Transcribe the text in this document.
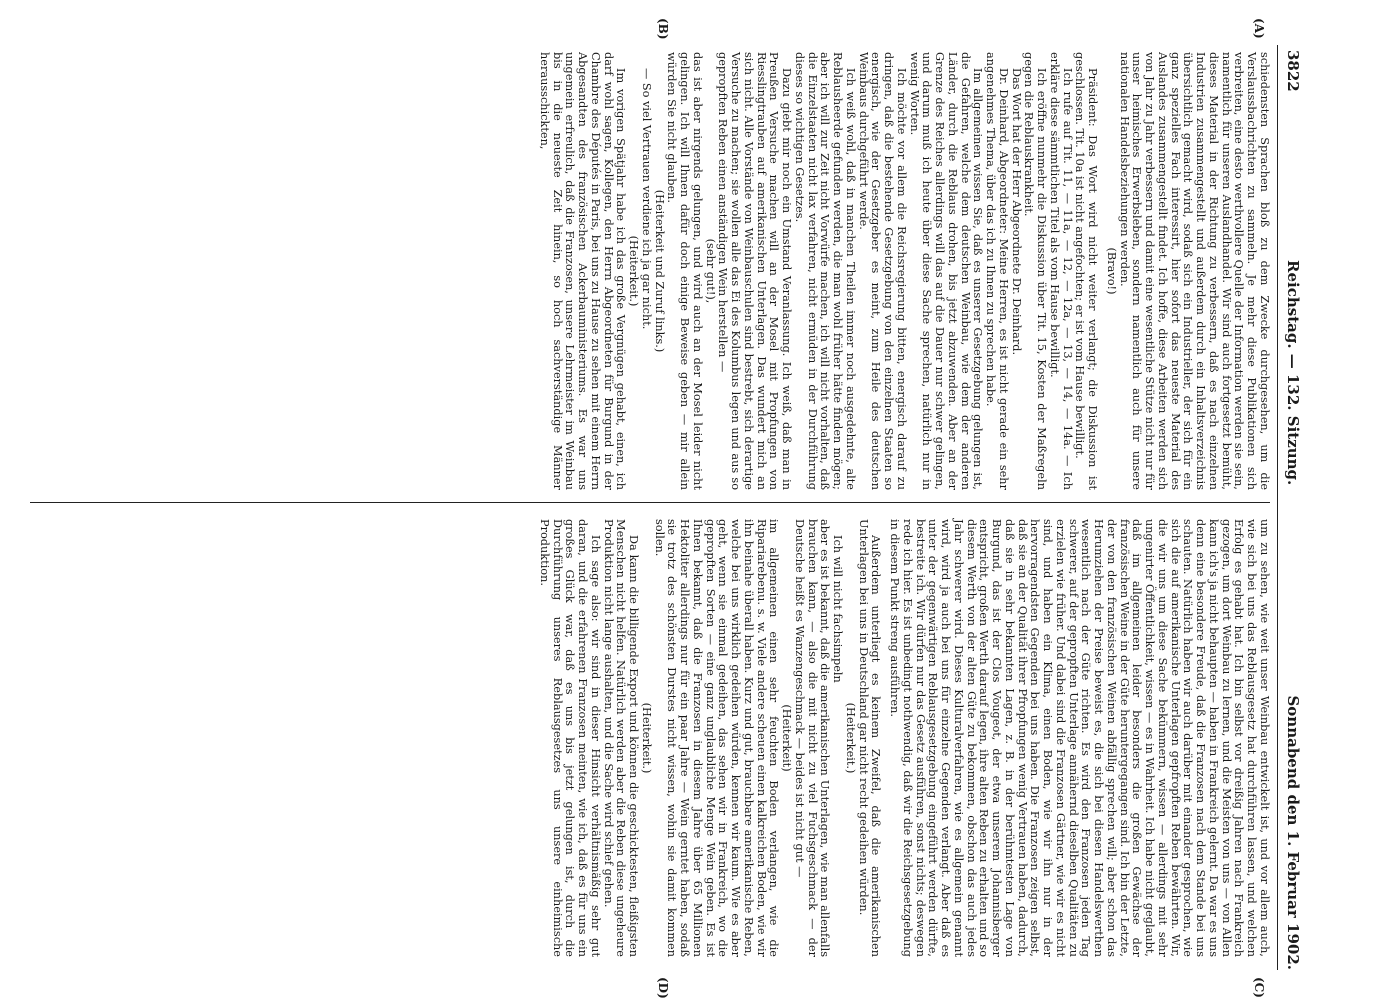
3822
Reichstag. — 132. Sitzung.
Sonnabend den 1. Februar 1902.
(A)
(B)
(C)
(D)

schiedensten Sprachen bloß zu dem Zwecke durchgesehen, um die Verslaussbachrichten zu sammeln. Je mehr diese Publikationen sich verbreiten, eine desto werthvollere Quelle der Information werden sie sein, namentlich für unseren Auslandhandel. Wir sind auch fortgesetzt bemüht, dieses Material in der Richtung zu verbessern, daß es nach einzelnen Industrien zusammengestellt und außerdem durch ein Inhaltsverzeichnis übersichtlich gemacht wird, sodaß sich ein Industrieller, der sich für ein ganz spezielles Fach interessirt, hier sofort das neueste Material des Auslandes zusammengestellt findet. Ich hoffe, diese Arbeiten werden sich von Jahr zu Jahr verbessern und damit eine wesentliche Stütze nicht nur für unser heimisches Erwerbsleben, sondern namentlich auch für unsere nationalen Handelsbeziehungen werden.

(Bravo!)

Präsident: Das Wort wird nicht weiter verlangt; die Diskussion ist geschlossen. Tit. 10a ist nicht angefochten; er ist vom Hause bewilligt.

Ich rufe auf Tit. 11, — 11a, — 12, — 12a, — 13, — 14, — 14a. — Ich erkläre diese sämmtlichen Titel als vom Hause bewilligt.

Ich eröffne nunmehr die Diskussion über Tit. 15, Kosten der Maßregeln gegen die Reblauskrankheit.

Das Wort hat der Herr Abgeordnete Dr. Deinhard.

Dr. Deinhard, Abgeordneter: Meine Herren, es ist nicht gerade ein sehr angenehmes Thema, über das ich zu Ihnen zu sprechen habe.

Im allgemeinen wissen Sie, daß es unserer Gesetzgebung gelungen ist, die Gefahren, welche dem deutschen Weinbau, wie dem der anderen Länder, durch die Reblaus drohen, bis jetzt abzuwenden. Aber an der Grenze des Reiches allerdings will das auf die Dauer nur schwer gelingen, und darum muß ich heute über diese Sache sprechen, natürlich nur in wenig Worten.

Ich möchte vor allem die Reichsregierung bitten, energisch darauf zu dringen, daß die bestehende Gesetzgebung von den einzelnen Staaten so energisch, wie der Gesetzgeber es meint, zum Heile des deutschen Weinbaus durchgeführt werde.

Ich weiß wohl, daß in manchen Theilen immer noch ausgedehnte, alte Reblausheerde gefunden werden, die man wohl früher hätte finden mögen; aber ich will zur Zeit nicht Vorwürfe machen, ich will nicht vorhalten, daß die Einzelstaaten nicht lax verfahren, nicht ermüden in der Durchführung dieses so wichtigen Gesetzes.

Dazu giebt mir noch ein Umstand Veranlassung. Ich weiß, daß man in Preußen Versuche machen will an der Mosel mit Propfungen von Riesslingtrauben auf amerikanischen Unterlagen. Das wundert mich an sich nicht. Alle Vorstände von Weinbauschulen sind bestrebt, sich derartige Versuche zu machen; sie wollen alle das Ei des Kolumbus legen und aus so gepropften Reben einen anständigen Wein herstellen —

(sehr gut!),

das ist aber nirgends gelungen, und wird auch an der Mosel leider nicht gelingen. Ich will Ihnen dafür doch einige Beweise geben — mir allein würden Sie nicht glauben.

(Heiterkeit und Zuruf links.)

— So viel Vertrauen verdiene ich ja gar nicht.

(Heiterkeit.)

Im vorigen Spätjahr habe ich das große Vergnügen gehabt, einen, ich darf wohl sagen, Kollegen, den Herrn Abgeordneten für Burgund in der Chambre des Députés in Paris, bei uns zu Hause zu sehen mit einem Herrn Abgesandten des französischen Ackerbauministeriums. Es war uns ungemein erfreulich, daß die Franzosen, unsere Lehrmeister im Weinbau bis in die neueste Zeit hinein, so hoch sachverständige Männer herausschickten,

um zu sehen, wie weit unser Weinbau entwickelt ist, und vor allem auch, wie sich bei uns das Reblausgesetz hat durchführen lassen, und welchen Erfolg es gehabt hat. Ich bin selbst vor dreißig Jahren nach Frankreich gezogen, um dort Weinbau zu lernen, und die Meisten von uns — von Allen kann ich's ja nicht behaupten — haben in Frankreich gelernt. Da war es uns denn eine besondere Freude, daß die Franzosen nach dem Stande bei uns schauten. Natürlich haben wir auch darüber mit einander gesprochen, wie sich die auf amerikanische Unterlagen gepfropften Reben bewährten. Wir, die wir uns um diese Sache bekümmern, wissen — allerdings mit sehr ungenirter Öffentlichkeit, wissen — es in Wahrheit. Ich habe nicht geglaubt, daß im allgemeinen leider besonders die großen Gewächse der französischen Weine in der Güte heruntergegangen sind. Ich bin der Letzte, der von den französischen Weinen abfällig sprechen will; aber schon das Herumziehen der Preise beweist es, die sich bei diesen Handelswerthen wesentlich nach der Güte richten. Es wird den Franzosen jeden Tag schwerer, auf der gepropften Unterlage annähernd dieselben Qualitäten zu erzielen wie früher. Und dabei sind die Franzosen Gärtner, wie wir es nicht sind, und haben ein Klima, einen Boden, wie wir ihn nur in der hervorragendsten Gegenden bei uns haben. Die Franzosen zeigen selbst, daß sie an der Qualität ihrer Pfropfungen wenig Vertrauen haben, dadurch, daß sie in sehr bekannten Lagen, z. B. in der berühmtesten Lage von Burgund, das ist der Clos Vougeot, der etwa unserem Johannisberger entspricht, großen Werth darauf legen, ihre alten Reben zu erhalten und so diesem Werth von der alten Güte zu bekommen, obschon das auch jedes Jahr schwerer wird. Dieses Kulturalverfahren, wie es allgemein genannt wird, wird ja auch bei uns für einzelne Gegenden verlangt. Aber daß es unter der gegenwärtigen Reblausgesetzgebung eingeführt werden dürfte, bestreite ich. Wir dürfen nur das Gesetz ausführen, sonst nichts; deswegen rede ich hier. Es ist unbedingt nothwendig, daß wir die Reichsgesetzgebung in diesem Punkt streng ausführen.

Außerdem unterliegt es keinem Zweifel, daß die amerikanischen Unterlagen bei uns in Deutschland gar nicht recht gedeihen würden.

(Heiterkeit.)

Ich will nicht fachsimpeln

aber es ist bekannt, daß die amerikanischen Unterlagen, wie man allenfalls brauchen kann, — also die mit nicht zu viel Fuchsgeschmack — der Deutsche heißt es Wanzengeschmack — beides ist nicht gut —

(Heiterkeit)

im allgemeinen einen sehr feuchten Boden verlangen, wie die Ripariarebenu. s. w. Viele andere scheuen einen kalkreichen Boden, wie wir ihn beinahe überall haben. Kurz und gut, brauchbare amerikanische Reben, welche bei uns wirklich gedeihen würden, kennen wir kaum. Wie es aber geht, wenn sie einmal gedeihen, das sehen wir in Frankreich, wo die gepropften Sorten — eine ganz unglaubliche Menge Wein geben. Es ist Ihnen bekannt, daß die Franzosen in diesem Jahre über 65 Millionen Hektoliter allerdings nur für ein paar Jahre — Wein gerntet haben, sodaß sie trotz des schönsten Durstes nicht wissen, wohin sie damit kommen sollen.

(Heiterkeit.)

Da kann die billigende Export und können die geschicktesten, fleißigsten Menschen nicht helfen. Natürlich werden aber die Reben diese ungeheure Produktion nicht lange aushalten, und die Sache wird schief gehen.

Ich sage also: wir sind in dieser Hinsicht verhältnismäßig sehr gut daran, und die erfahrenen Franzosen meinten, wie ich, daß es für uns ein großes Glück war, daß es uns bis jetzt gelungen ist, durch die Durchführung unseres Reblausgesetzes uns unsere einheimische Produktion.
